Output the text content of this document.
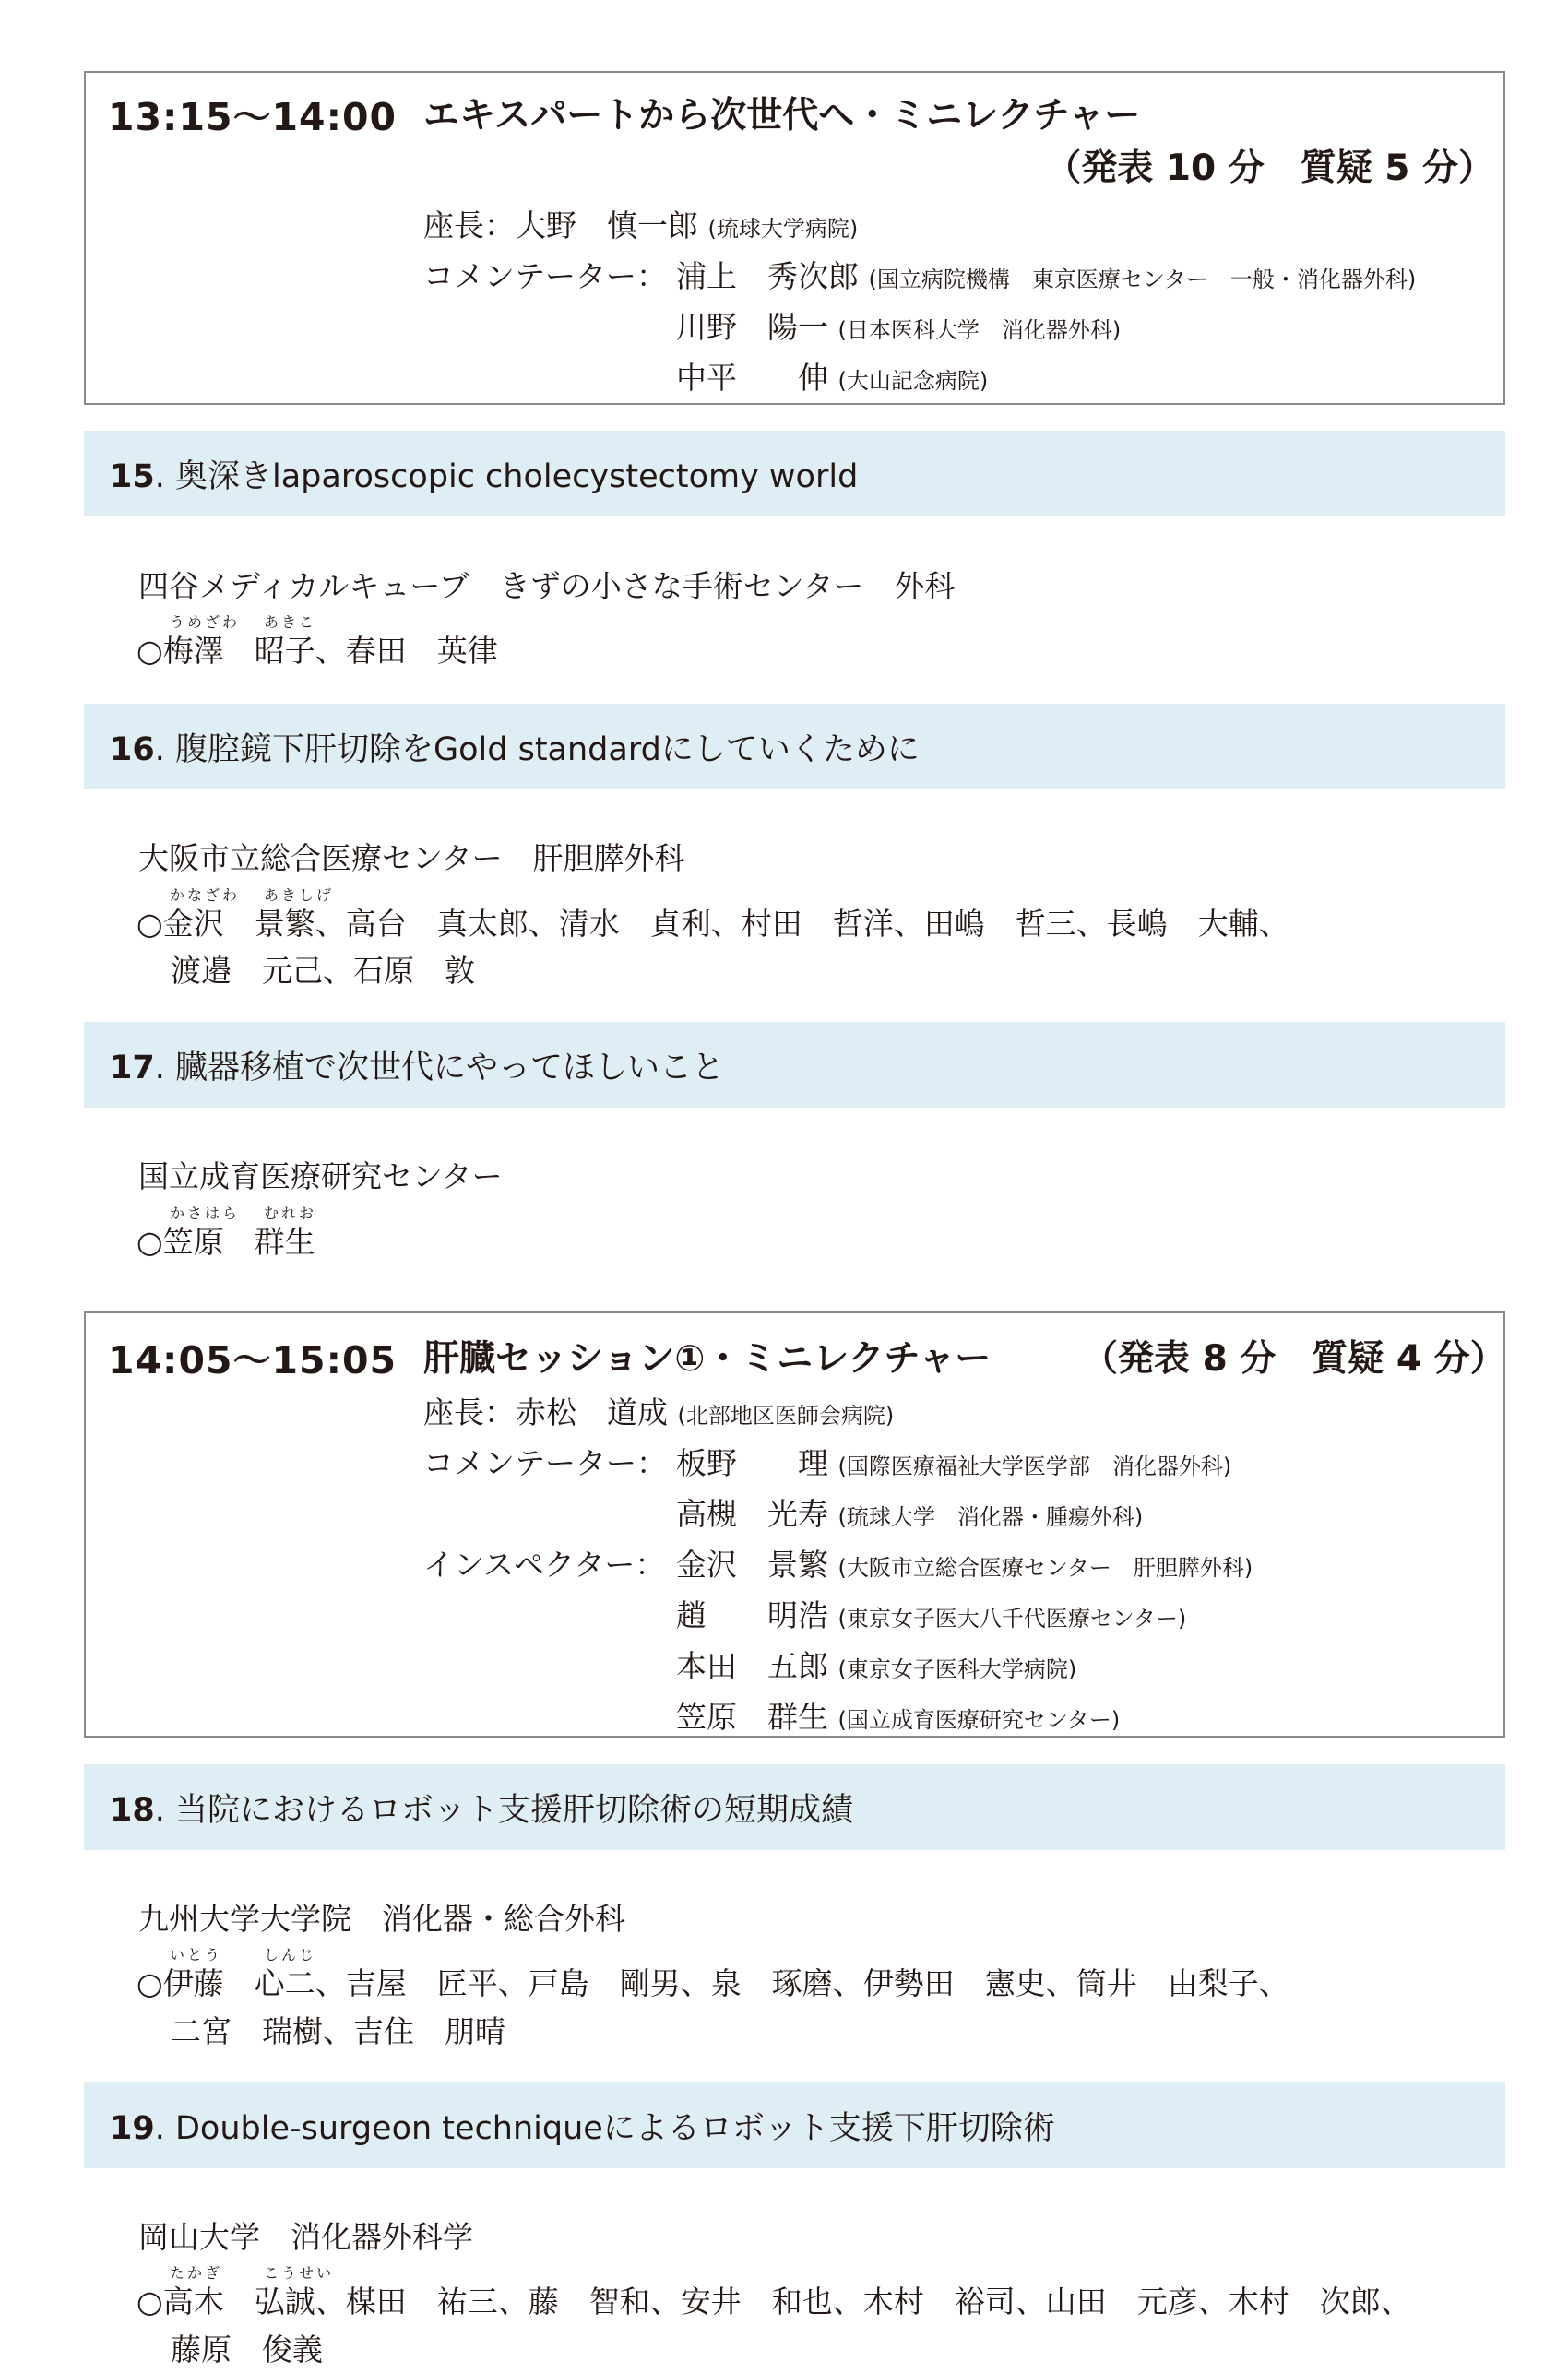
13:15〜14:00 エキスパートから次世代へ・ミニレクチャー
（発表 10 分　質疑 5 分）
座長： 大野　慎一郎 (琉球大学病院)
コメンテーター： 浦上　秀次郎 (国立病院機構　東京医療センター　一般・消化器外科)
川野　陽一 (日本医科大学　消化器外科)
中平　　伸 (大山記念病院)
15. 奥深きlaparoscopic cholecystectomy world
四谷メディカルキューブ　きずの小さな手術センター　外科
うめざわ あきこ
○梅澤　昭子、春田　英律
16. 腹腔鏡下肝切除をGold standardにしていくために
大阪市立総合医療センター　肝胆膵外科
かなざわ あきしげ
○金沢　景繁、高台　真太郎、清水　貞利、村田　哲洋、田嶋　哲三、長嶋　大輔、
渡邉　元己、石原　敦
17. 臓器移植で次世代にやってほしいこと
国立成育医療研究センター
かさはら むれお
○笠原　群生
14:05〜15:05 肝臓セッション①・ミニレクチャー	（発表 8 分　質疑 4 分）
座長： 赤松　道成 (北部地区医師会病院)
コメンテーター： 板野　　理 (国際医療福祉大学医学部　消化器外科)
高槻　光寿 (琉球大学　消化器・腫瘍外科)
インスペクター： 金沢　景繁 (大阪市立総合医療センター　肝胆膵外科)
趙　　明浩 (東京女子医大八千代医療センター)
本田　五郎 (東京女子医科大学病院)
笠原　群生 (国立成育医療研究センター)
18. 当院におけるロボット支援肝切除術の短期成績
九州大学大学院　消化器・総合外科
いとう	しんじ
○伊藤　心二、吉屋　匠平、戸島　剛男、泉　琢磨、伊勢田　憲史、筒井　由梨子、
二宮　瑞樹、吉住　朋晴
19. Double-surgeon techniqueによるロボット支援下肝切除術
岡山大学　消化器外科学
たかぎ	こうせい
○高木　弘誠、楳田　祐三、藤　智和、安井　和也、木村　裕司、山田　元彦、木村　次郎、
藤原　俊義
